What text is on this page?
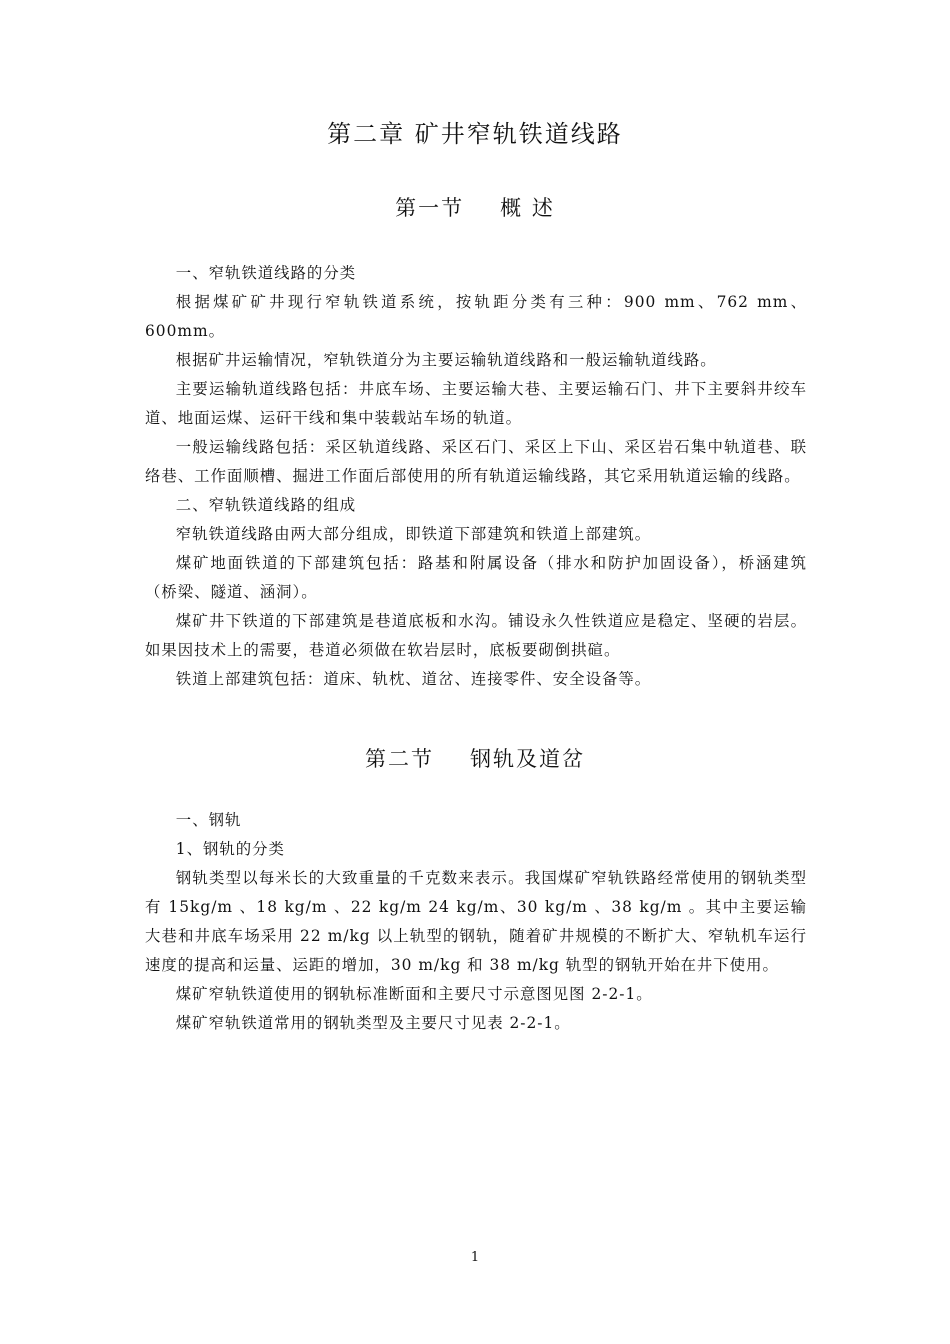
第二章 矿井窄轨铁道线路
第一节 概 述

一、窄轨铁道线路的分类

根据煤矿矿井现行窄轨铁道系统，按轨距分类有三种：900 mm、762 mm、600mm。

根据矿井运输情况，窄轨铁道分为主要运输轨道线路和一般运输轨道线路。

主要运输轨道线路包括：井底车场、主要运输大巷、主要运输石门、井下主要斜井绞车道、地面运煤、运矸干线和集中装载站车场的轨道。

一般运输线路包括：采区轨道线路、采区石门、采区上下山、采区岩石集中轨道巷、联络巷、工作面顺槽、掘进工作面后部使用的所有轨道运输线路，其它采用轨道运输的线路。

二、窄轨铁道线路的组成

窄轨铁道线路由两大部分组成，即铁道下部建筑和铁道上部建筑。

煤矿地面铁道的下部建筑包括：路基和附属设备（排水和防护加固设备），桥涵建筑（桥梁、隧道、涵洞）。

煤矿井下铁道的下部建筑是巷道底板和水沟。铺设永久性铁道应是稳定、坚硬的岩层。如果因技术上的需要，巷道必须做在软岩层时，底板要砌倒拱碹。

铁道上部建筑包括：道床、轨枕、道岔、连接零件、安全设备等。

第二节 钢轨及道岔

一、钢轨

1、钢轨的分类

钢轨类型以每米长的大致重量的千克数来表示。我国煤矿窄轨铁路经常使用的钢轨类型有 15kg/m 、18 kg/m 、22 kg/m 24 kg/m、30 kg/m 、38 kg/m 。其中主要运输大巷和井底车场采用 22 m/kg 以上轨型的钢轨，随着矿井规模的不断扩大、窄轨机车运行速度的提高和运量、运距的增加，30 m/kg 和 38 m/kg 轨型的钢轨开始在井下使用。

煤矿窄轨铁道使用的钢轨标准断面和主要尺寸示意图见图 2-2-1。

煤矿窄轨铁道常用的钢轨类型及主要尺寸见表 2-2-1。

1
